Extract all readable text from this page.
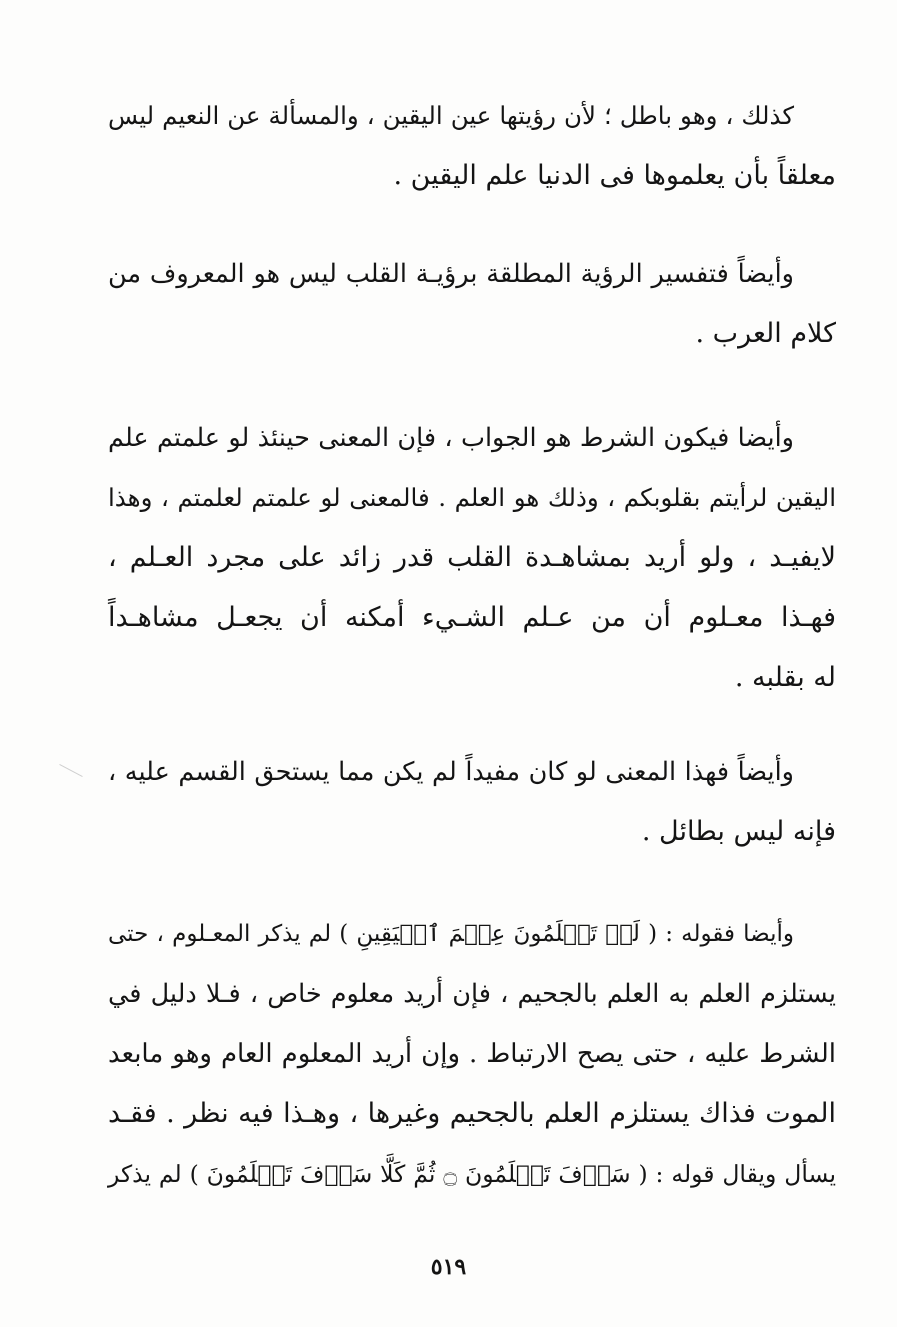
كذلك ، وهو باطل ؛ لأن رؤيتها عين اليقين ، والمسألة عن النعيم ليس
معلقاً بأن يعلموها فى الدنيا علم اليقين .
وأيضاً فتفسير الرؤية المطلقة برؤيـة القلب ليس هو المعروف من
كلام العرب .
وأيضا فيكون الشرط هو الجواب ، فإن المعنى حينئذ لو علمتم علم
اليقين لرأيتم بقلوبكم ، وذلك هو العلم . فالمعنى لو علمتم لعلمتم ، وهذا
لايفيـد ، ولو أريد بمشاهـدة القلب قدر زائد على مجرد العـلم ،
فهـذا معـلوم أن من عـلم الشـيء أمكنه أن يجعـل مشاهـداً
له بقلبه .
وأيضاً فهذا المعنى لو كان مفيداً لم يكن مما يستحق القسم عليه ،
فإنه ليس بطائل .
وأيضا فقوله : ( لَوۡ تَعۡلَمُونَ عِلۡمَ ٱلۡيَقِينِ ) لم يذكر المعـلوم ، حتى
يستلزم العلم به العلم بالجحيم ، فإن أريد معلوم خاص ، فـلا دليل في
الشرط عليه ، حتى يصح الارتباط . وإن أريد المعلوم العام وهو مابعد
الموت فذاك يستلزم العلم بالجحيم وغيرها ، وهـذا فيه نظر . فقـد
يسأل ويقال قوله : ( سَوۡفَ تَعۡلَمُونَ ۝ ثُمَّ كَلَّا سَوۡفَ تَعۡلَمُونَ ) لم يذكر
٥١٩
